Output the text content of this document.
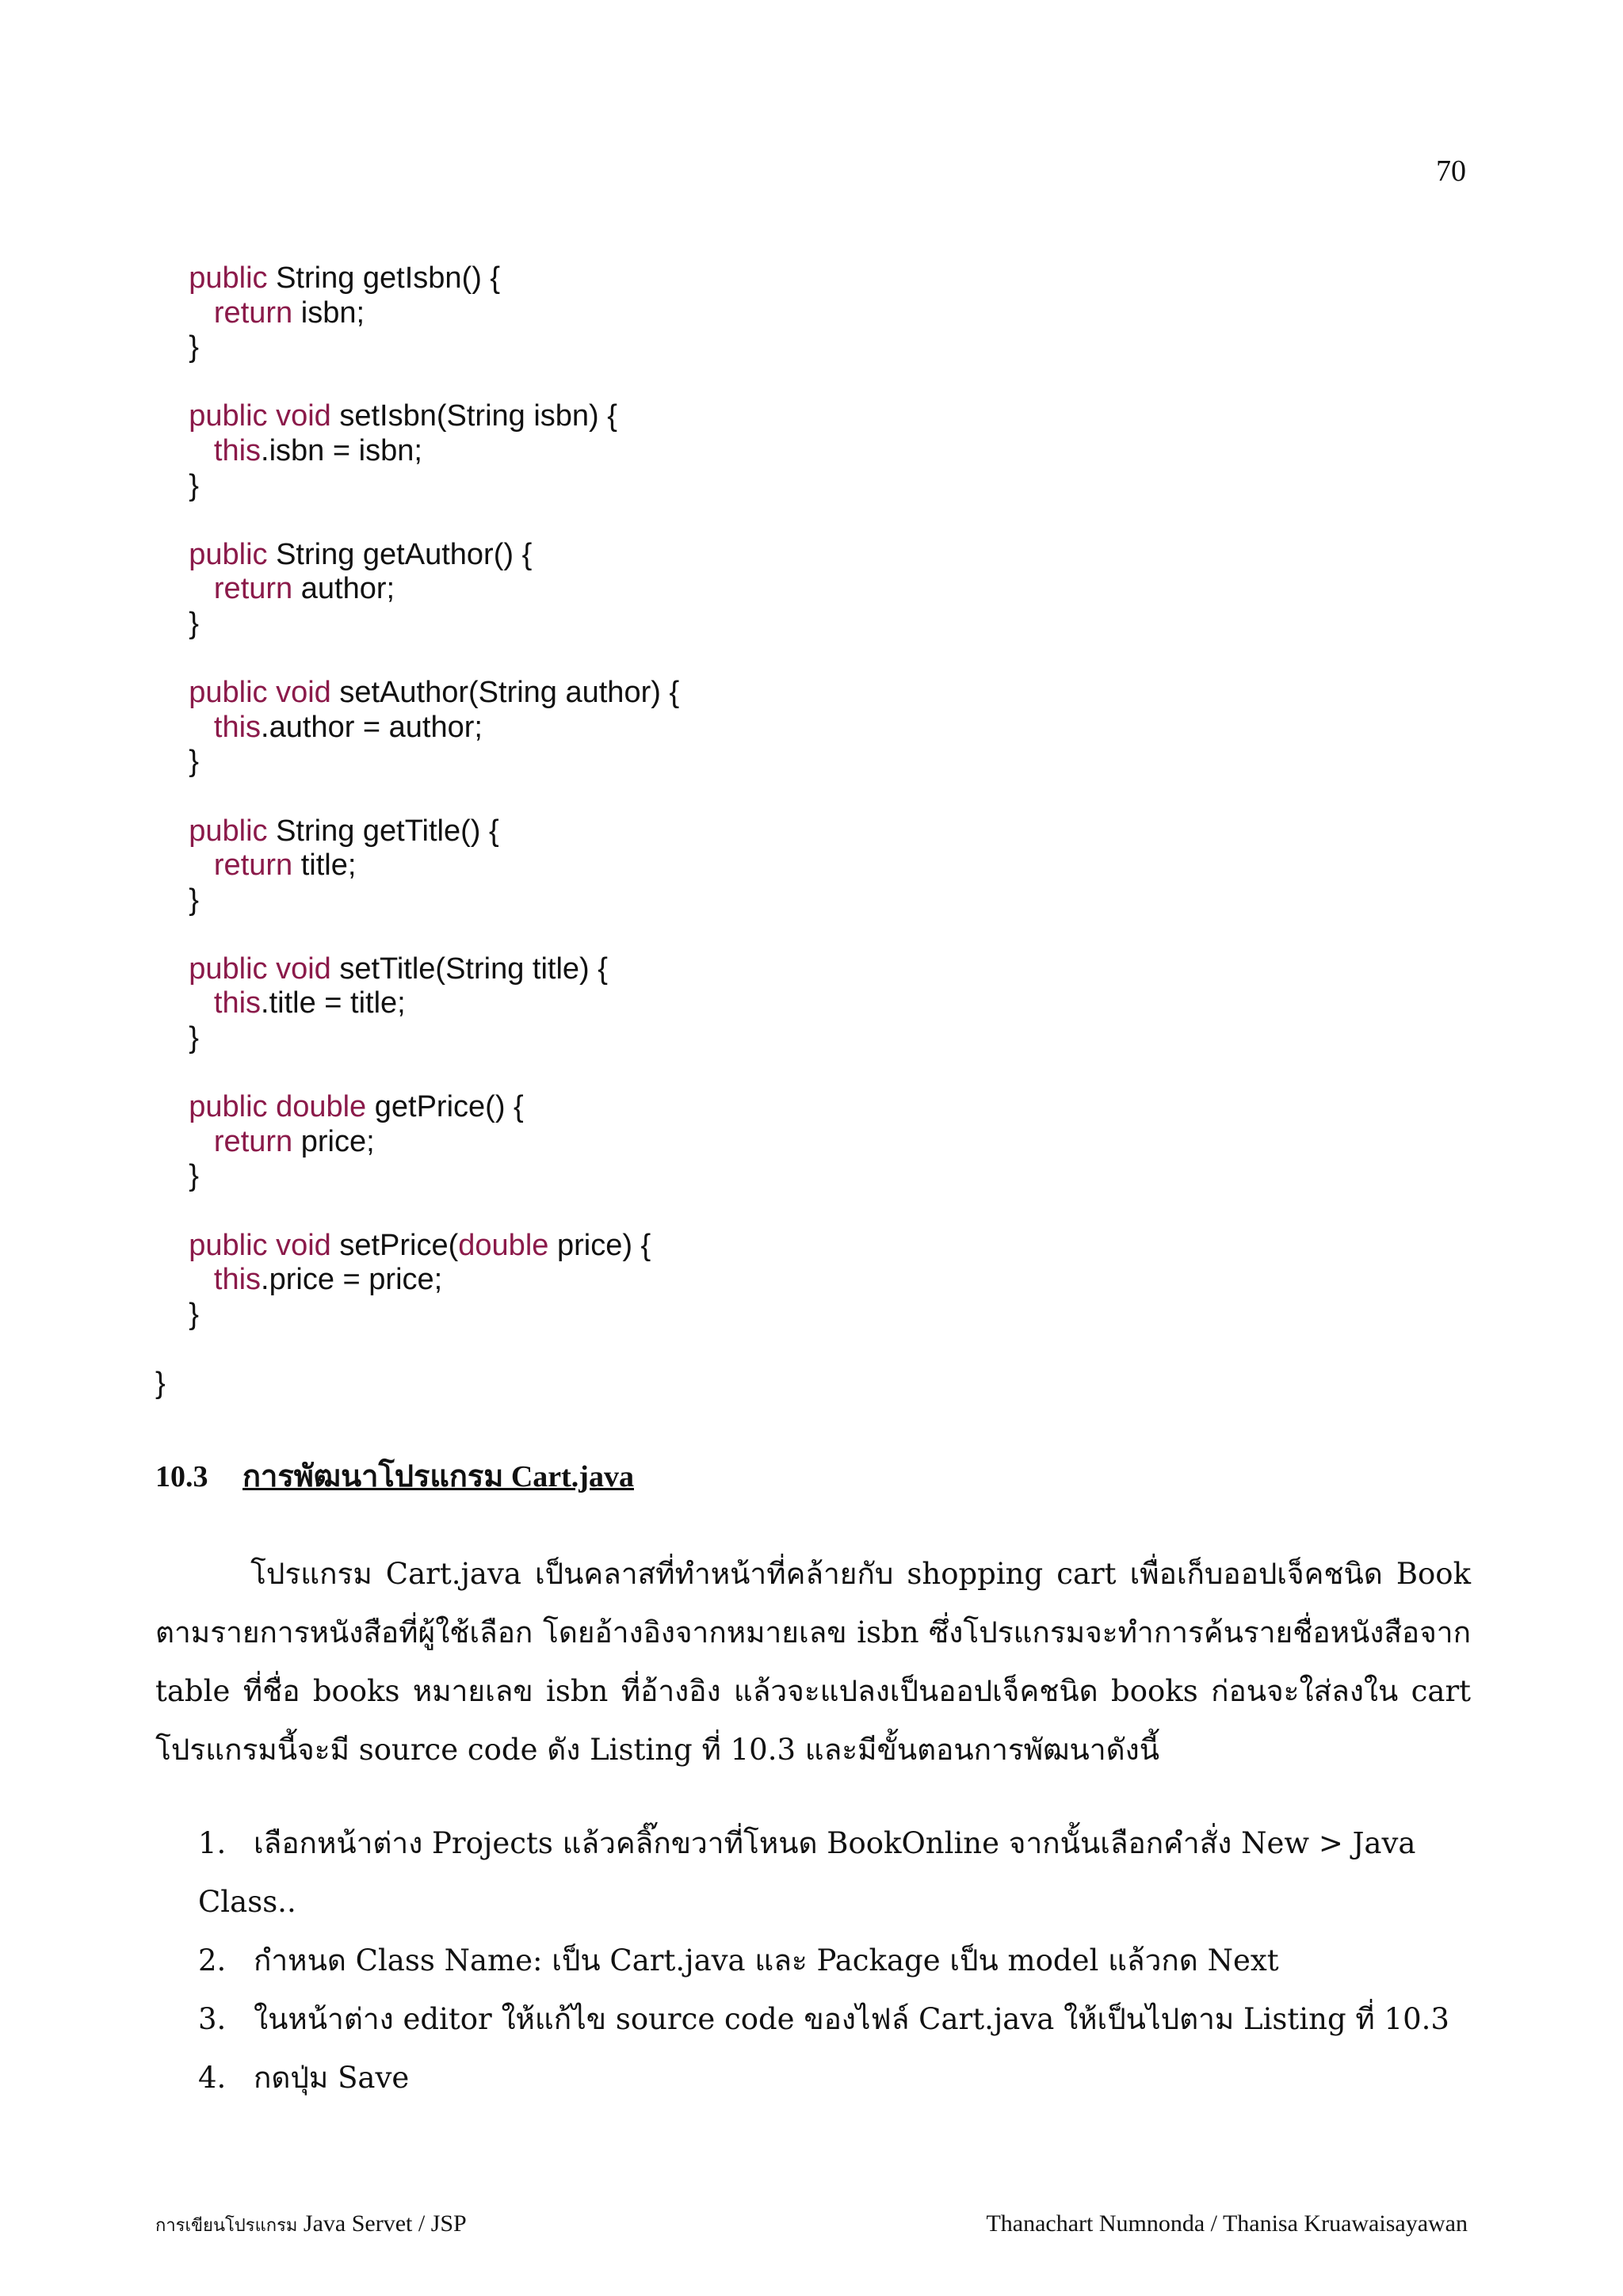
70
public String getIsbn() {
return isbn;
}
public void setIsbn(String isbn) {
this.isbn = isbn;
}
public String getAuthor() {
return author;
}
public void setAuthor(String author) {
this.author = author;
}
public String getTitle() {
return title;
}
public void setTitle(String title) {
this.title = title;
}
public double getPrice() {
return price;
}
public void setPrice(double price) {
this.price = price;
}
}
10.3 การพัฒนาโปรแกรม Cart.java
โปรแกรม Cart.java เป็นคลาสที่ทำหน้าที่คล้ายกับ shopping cart เพื่อเก็บออปเจ็คชนิด Book ตามรายการหนังสือที่ผู้ใช้เลือก โดยอ้างอิงจากหมายเลข isbn ซึ่งโปรแกรมจะทำการค้นรายชื่อหนังสือจาก table ที่ชื่อ books หมายเลข isbn ที่อ้างอิง แล้วจะแปลงเป็นออปเจ็คชนิด books ก่อนจะใส่ลงใน cart โปรแกรมนี้จะมี source code ดัง Listing ที่ 10.3 และมีขั้นตอนการพัฒนาดังนี้
1. เลือกหน้าต่าง Projects แล้วคลิ๊กขวาที่โหนด BookOnline จากนั้นเลือกคำสั่ง New > Java Class..
2. กำหนด Class Name: เป็น Cart.java และ Package เป็น model แล้วกด Next
3. ในหน้าต่าง editor ให้แก้ไข source code ของไฟล์ Cart.java ให้เป็นไปตาม Listing ที่ 10.3
4. กดปุ่ม Save
การเขียนโปรแกรม Java Servet / JSP	Thanachart Numnonda / Thanisa Kruawaisayawan
